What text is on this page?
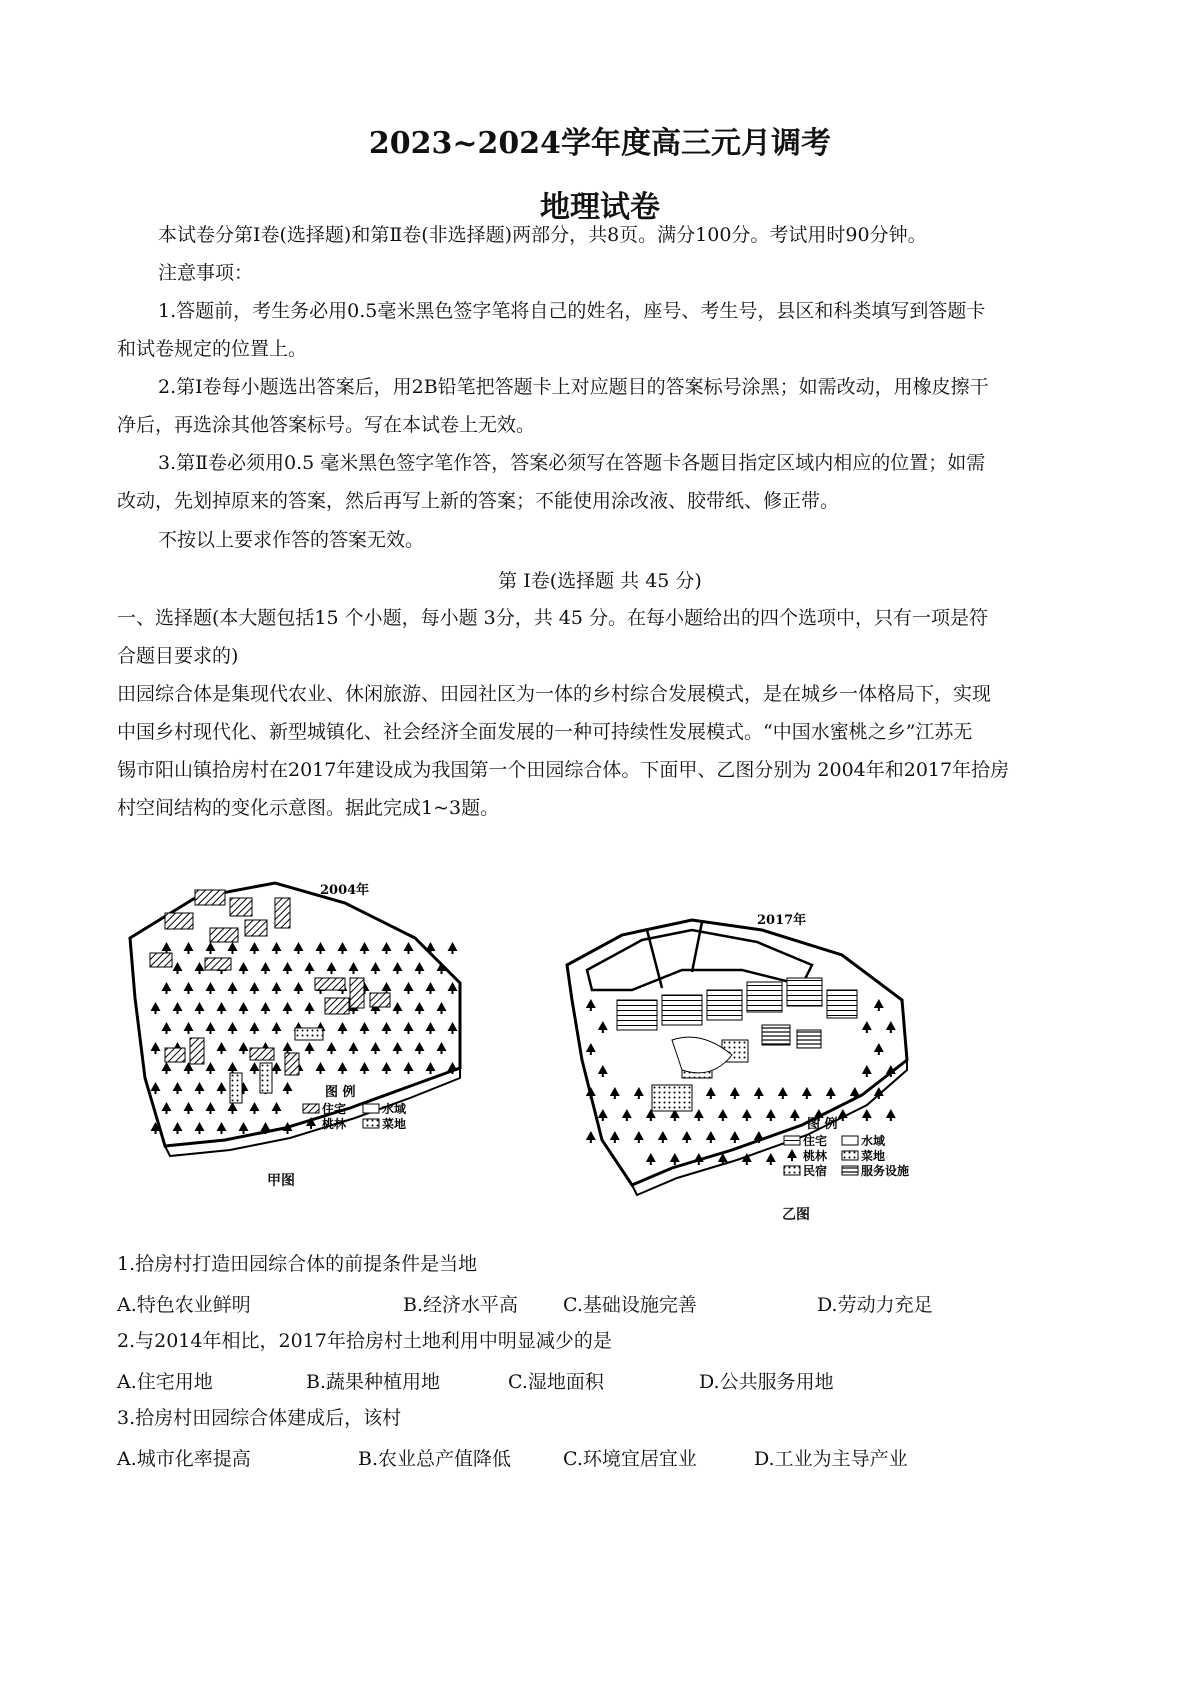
2023~2024学年度高三元月调考
地理试卷
本试卷分第Ⅰ卷(选择题)和第Ⅱ卷(非选择题)两部分，共8页。满分100分。考试用时90分钟。
注意事项：
1.答题前，考生务必用0.5毫米黑色签字笔将自己的姓名，座号、考生号，县区和科类填写到答题卡
和试卷规定的位置上。
2.第Ⅰ卷每小题选出答案后，用2B铅笔把答题卡上对应题目的答案标号涂黑；如需改动，用橡皮擦干
净后，再选涂其他答案标号。写在本试卷上无效。
3.第Ⅱ卷必须用0.5 毫米黑色签字笔作答，答案必须写在答题卡各题目指定区域内相应的位置；如需
改动，先划掉原来的答案，然后再写上新的答案；不能使用涂改液、胶带纸、修正带。
不按以上要求作答的答案无效。
第 Ⅰ卷(选择题 共 45 分)
一、选择题(本大题包括15 个小题，每小题 3分，共 45 分。在每小题给出的四个选项中，只有一项是符
合题目要求的)
田园综合体是集现代农业、休闲旅游、田园社区为一体的乡村综合发展模式，是在城乡一体格局下，实现
中国乡村现代化、新型城镇化、社会经济全面发展的一种可持续性发展模式。“中国水蜜桃之乡”江苏无
锡市阳山镇拾房村在2017年建设成为我国第一个田园综合体。下面甲、乙图分别为 2004年和2017年拾房
村空间结构的变化示意图。据此完成1~3题。
2004年
图 例
住宅	水域
桃林	菜地
甲图
2017年
图 例
住宅	水域
桃林	菜地
民宿	服务设施
乙图
1.拾房村打造田园综合体的前提条件是当地
A.特色农业鲜明	B.经济水平高 C.基础设施完善	D.劳动力充足
2.与2014年相比，2017年拾房村土地利用中明显减少的是
A.住宅用地	B.蔬果种植用地	C.湿地面积	D.公共服务用地
3.拾房村田园综合体建成后，该村
A.城市化率提高	B.农业总产值降低	C.环境宜居宜业	D.工业为主导产业
